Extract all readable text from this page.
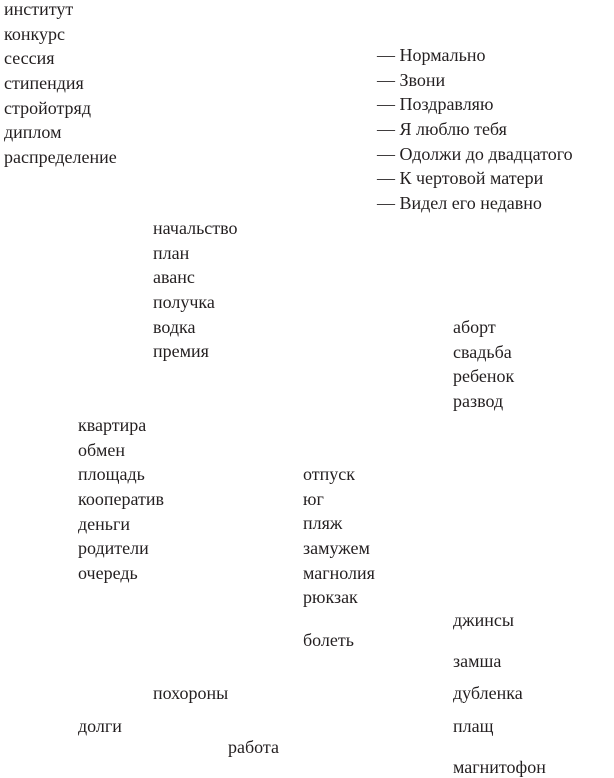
институт
конкурс
сессия
стипендия
стройотряд
диплом
распределение
— Нормально
— Звони
— Поздравляю
— Я люблю тебя
— Одолжи до двадцатого
— К чертовой матери
— Видел его недавно
начальство
план
аванс
получка
водка
премия
аборт
свадьба
ребенок
развод
квартира
обмен
площадь
кооператив
деньги
родители
очередь
отпуск
юг
пляж
замужем
магнолия
рюкзак
джинсы
болеть
замша
похороны	дубленка
долги	плащ
работа
магнитофон
